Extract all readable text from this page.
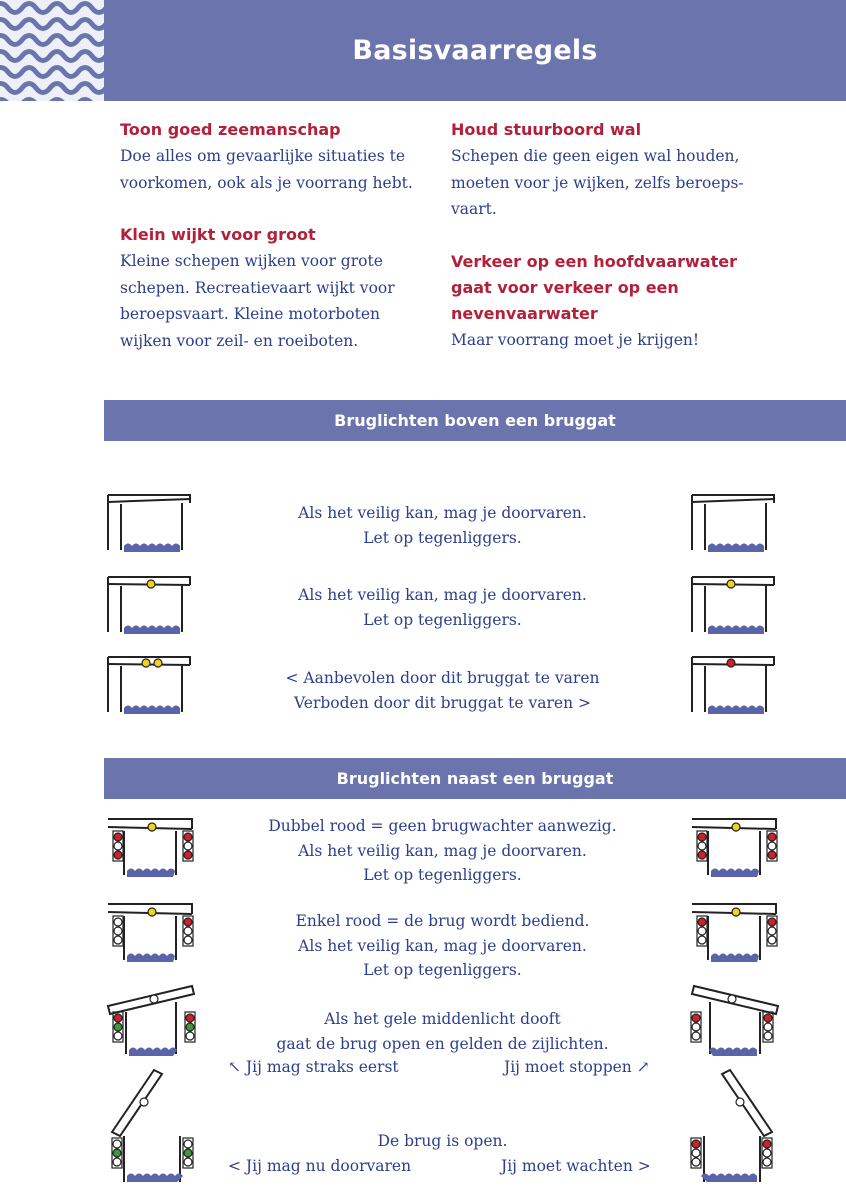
Basisvaarregels
Toon goed zeemanschap

Doe alles om gevaarlijke situaties te
voorkomen, ook als je voorrang hebt.

Klein wijkt voor groot

Kleine schepen wijken voor grote
schepen. Recreatievaart wijkt voor
beroepsvaart. Kleine motorboten
wijken voor zeil- en roeiboten.

Houd stuurboord wal

Schepen die geen eigen wal houden,
moeten voor je wijken, zelfs beroeps-
vaart.

Verkeer op een hoofdvaarwater
gaat voor verkeer op een
nevenvaarwater

Maar voorrang moet je krijgen!

Bruglichten boven een bruggat
Als het veilig kan, mag je doorvaren.
Let op tegenliggers.
Als het veilig kan, mag je doorvaren.
Let op tegenliggers.
< Aanbevolen door dit bruggat te varen
Verboden door dit bruggat te varen >
Bruglichten naast een bruggat
Dubbel rood = geen brugwachter aanwezig.
Als het veilig kan, mag je doorvaren.
Let op tegenliggers.
Enkel rood = de brug wordt bediend.
Als het veilig kan, mag je doorvaren.
Let op tegenliggers.
Als het gele middenlicht dooft
gaat de brug open en gelden de zijlichten.
↖ Jij mag straks eerst	Jij moet stoppen ↗
De brug is open.
< Jij mag nu doorvaren	Jij moet wachten >
